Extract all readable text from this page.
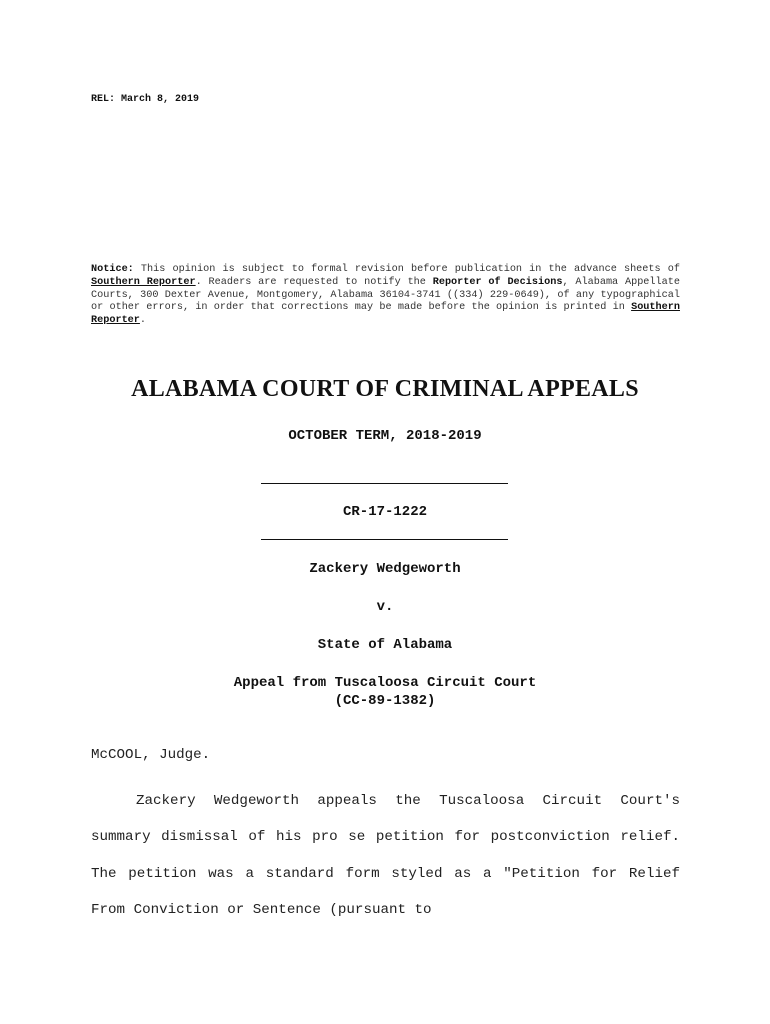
REL: March 8, 2019
Notice: This opinion is subject to formal revision before publication in the advance sheets of Southern Reporter. Readers are requested to notify the Reporter of Decisions, Alabama Appellate Courts, 300 Dexter Avenue, Montgomery, Alabama 36104-3741 ((334) 229-0649), of any typographical or other errors, in order that corrections may be made before the opinion is printed in Southern Reporter.
ALABAMA COURT OF CRIMINAL APPEALS
OCTOBER TERM, 2018-2019
CR-17-1222
Zackery Wedgeworth
v.
State of Alabama
Appeal from Tuscaloosa Circuit Court
(CC-89-1382)
McCOOL, Judge.
Zackery Wedgeworth appeals the Tuscaloosa Circuit Court's summary dismissal of his pro se petition for postconviction relief. The petition was a standard form styled as a "Petition for Relief From Conviction or Sentence (pursuant to
